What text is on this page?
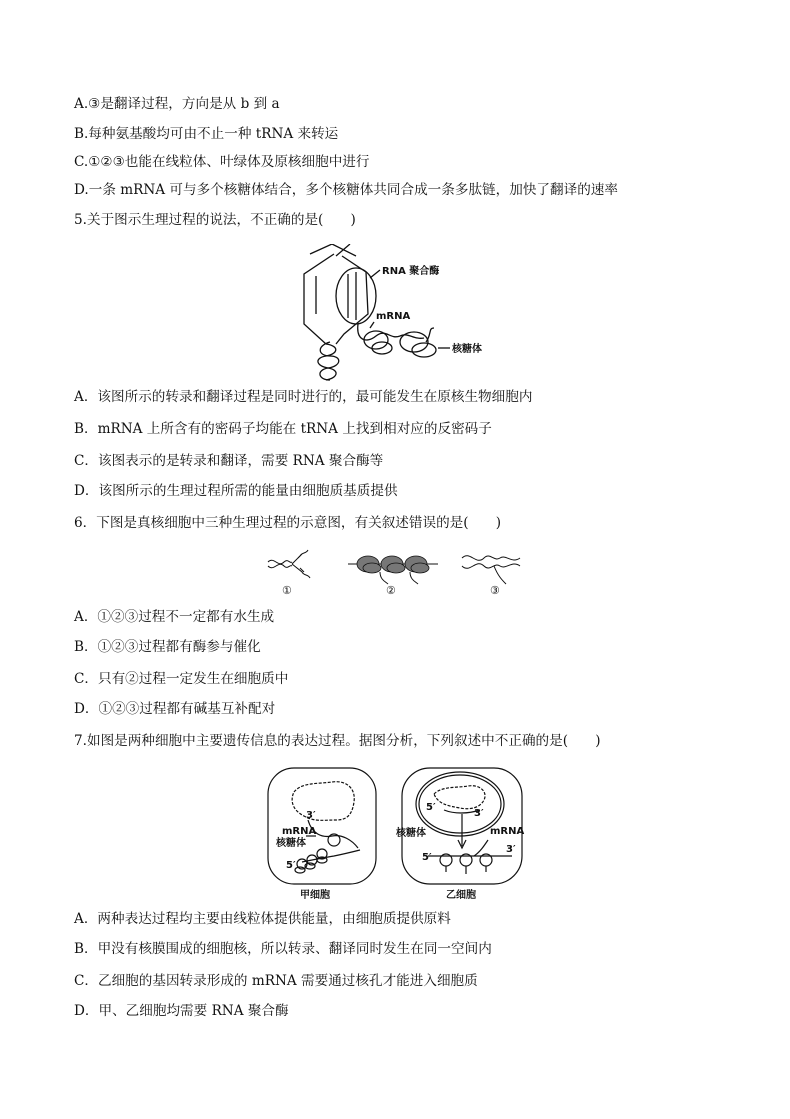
A.③是翻译过程，方向是从 b 到 a
B.每种氨基酸均可由不止一种 tRNA 来转运
C.①②③也能在线粒体、叶绿体及原核细胞中进行
D.一条 mRNA 可与多个核糖体结合，多个核糖体共同合成一条多肽链，加快了翻译的速率
5.关于图示生理过程的说法，不正确的是(　　)
RNA 聚合酶
mRNA
核糖体
A．该图所示的转录和翻译过程是同时进行的，最可能发生在原核生物细胞内
B．mRNA 上所含有的密码子均能在 tRNA 上找到相对应的反密码子
C．该图表示的是转录和翻译，需要 RNA 聚合酶等
D．该图所示的生理过程所需的能量由细胞质基质提供
6．下图是真核细胞中三种生理过程的示意图，有关叙述错误的是(　　)
①	②	③
A．①②③过程不一定都有水生成
B．①②③过程都有酶参与催化
C．只有②过程一定发生在细胞质中
D．①②③过程都有碱基互补配对
7.如图是两种细胞中主要遗传信息的表达过程。据图分析，下列叙述中不正确的是(　　)
3′
mRNA
核糖体
5′
甲细胞
5′
3′
核糖体	mRNA
5′
3′
乙细胞
A．两种表达过程均主要由线粒体提供能量，由细胞质提供原料
B．甲没有核膜围成的细胞核，所以转录、翻译同时发生在同一空间内
C．乙细胞的基因转录形成的 mRNA 需要通过核孔才能进入细胞质
D．甲、乙细胞均需要 RNA 聚合酶
